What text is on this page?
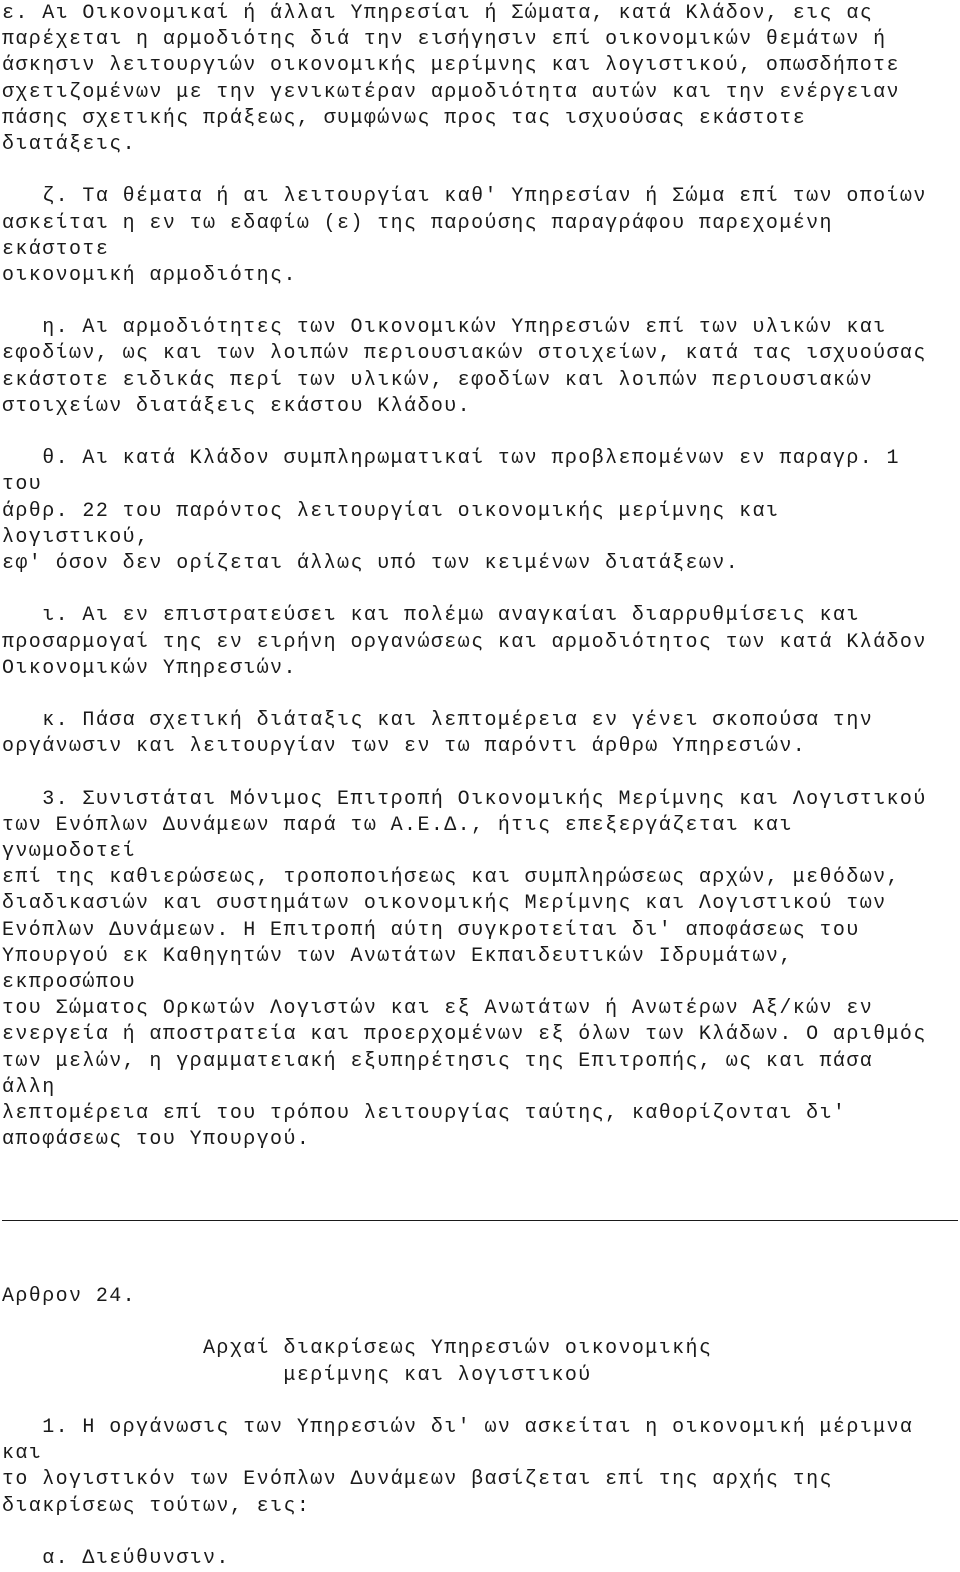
ε. Αι Οικονομικαί ή άλλαι Υπηρεσίαι ή Σώματα, κατά Κλάδον, εις ας
παρέχεται η αρμοδιότης διά την εισήγησιν επί οικονομικών θεμάτων ή
άσκησιν λειτουργιών οικονομικής μερίμνης και λογιστικού, οπωσδήποτε
σχετιζομένων με την γενικωτέραν αρμοδιότητα αυτών και την ενέργειαν
πάσης σχετικής πράξεως, συμφώνως προς τας ισχυούσας εκάστοτε
διατάξεις.
ζ. Τα θέματα ή αι λειτουργίαι καθ' Υπηρεσίαν ή Σώμα επί των οποίων
ασκείται η εν τω εδαφίω (ε) της παρούσης παραγράφου παρεχομένη
εκάστοτε
οικονομική αρμοδιότης.
η. Αι αρμοδιότητες των Οικονομικών Υπηρεσιών επί των υλικών και
εφοδίων, ως και των λοιπών περιουσιακών στοιχείων, κατά τας ισχυούσας
εκάστοτε ειδικάς περί των υλικών, εφοδίων και λοιπών περιουσιακών
στοιχείων διατάξεις εκάστου Κλάδου.
θ. Αι κατά Κλάδον συμπληρωματικαί των προβλεπομένων εν παραγρ. 1
του
άρθρ. 22 του παρόντος λειτουργίαι οικονομικής μερίμνης και
λογιστικού,
εφ' όσον δεν ορίζεται άλλως υπό των κειμένων διατάξεων.
ι. Αι εν επιστρατεύσει και πολέμω αναγκαίαι διαρρυθμίσεις και
προσαρμογαί της εν ειρήνη οργανώσεως και αρμοδιότητος των κατά Κλάδον
Οικονομικών Υπηρεσιών.
κ. Πάσα σχετική διάταξις και λεπτομέρεια εν γένει σκοπούσα την
οργάνωσιν και λειτουργίαν των εν τω παρόντι άρθρω Υπηρεσιών.
3. Συνιστάται Μόνιμος Επιτροπή Οικονομικής Μερίμνης και Λογιστικού
των Ενόπλων Δυνάμεων παρά τω Α.Ε.Δ., ήτις επεξεργάζεται και
γνωμοδοτεί
επί της καθιερώσεως, τροποποιήσεως και συμπληρώσεως αρχών, μεθόδων,
διαδικασιών και συστημάτων οικονομικής Μερίμνης και Λογιστικού των
Ενόπλων Δυνάμεων. Η Επιτροπή αύτη συγκροτείται δι' αποφάσεως του
Υπουργού εκ Καθηγητών των Ανωτάτων Εκπαιδευτικών Ιδρυμάτων,
εκπροσώπου
του Σώματος Ορκωτών Λογιστών και εξ Ανωτάτων ή Ανωτέρων Αξ/κών εν
ενεργεία ή αποστρατεία και προερχομένων εξ όλων των Κλάδων. Ο αριθμός
των μελών, η γραμματειακή εξυπηρέτησις της Επιτροπής, ως και πάσα
άλλη
λεπτομέρεια επί του τρόπου λειτουργίας ταύτης, καθορίζονται δι'
αποφάσεως του Υπουργού.
Αρθρον 24.
Αρχαί διακρίσεως Υπηρεσιών οικονομικής
μερίμνης και λογιστικού
1. Η οργάνωσις των Υπηρεσιών δι' ων ασκείται η οικονομική μέριμνα
και
το λογιστικόν των Ενόπλων Δυνάμεων βασίζεται επί της αρχής της
διακρίσεως τούτων, εις:
α. Διεύθυνσιν.
